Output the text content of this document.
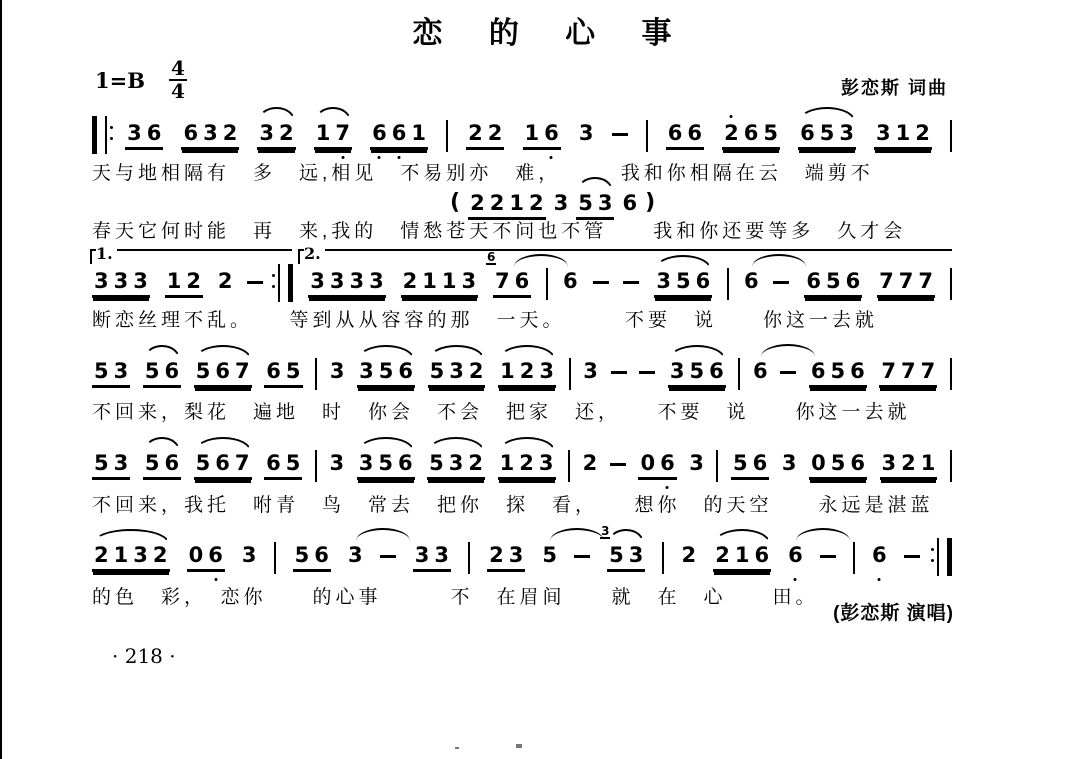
恋 的 心 事
$1=B \frac{4}{4}$	彭恋斯 词曲
3 6 6 3 2 3 2 1 7 6 6 1 2 2 1 6 3	6 6 2 6 5 6 5 3 3 1 2
天与地相隔有　多　远,相见　不易别亦　难，　　　我和你相隔在云　端剪不
( 2 2 1 2 3 5 3 6 )
春天它何时能　再　来,我的　情愁苍天不问也不管　　我和你还要等多　久才会
1.	2.
3 3 3 1 2 2	3 3 3 3 2 1 1 3 7
6
6 6	3 5 6 6 6 5 6 7 7 7
断恋丝理不乱。　　等到从从容容的那　一天。　　　不要　说　　你这一去就
5 3 5 6 5 6 7 6 5 3 3 5 6 5 3 2 1 2 3 3	3 5 6 6 6 5 6 7 7 7
不回来，梨花　遍地　时　你会　不会　把家　还，　　不要　说　　你这一去就
5 3 5 6 5 6 7 6 5 3 3 5 6 5 3 2 1 2 3 2 0 6 3 5 6 3 0 5 6 3 2 1
不回来，我托　咐青　鸟　常去　把你　探　看，　　想你　的天空　　永远是湛蓝
2 1 3 2 0 6 3 5 6 3 3 3 2 3 5 5
3
3 2 2 1 6 6	6
的色　彩，　恋你　　的心事　　　不　在眉间　　就　在　心　　田。
(彭恋斯 演唱)
· 218 ·
